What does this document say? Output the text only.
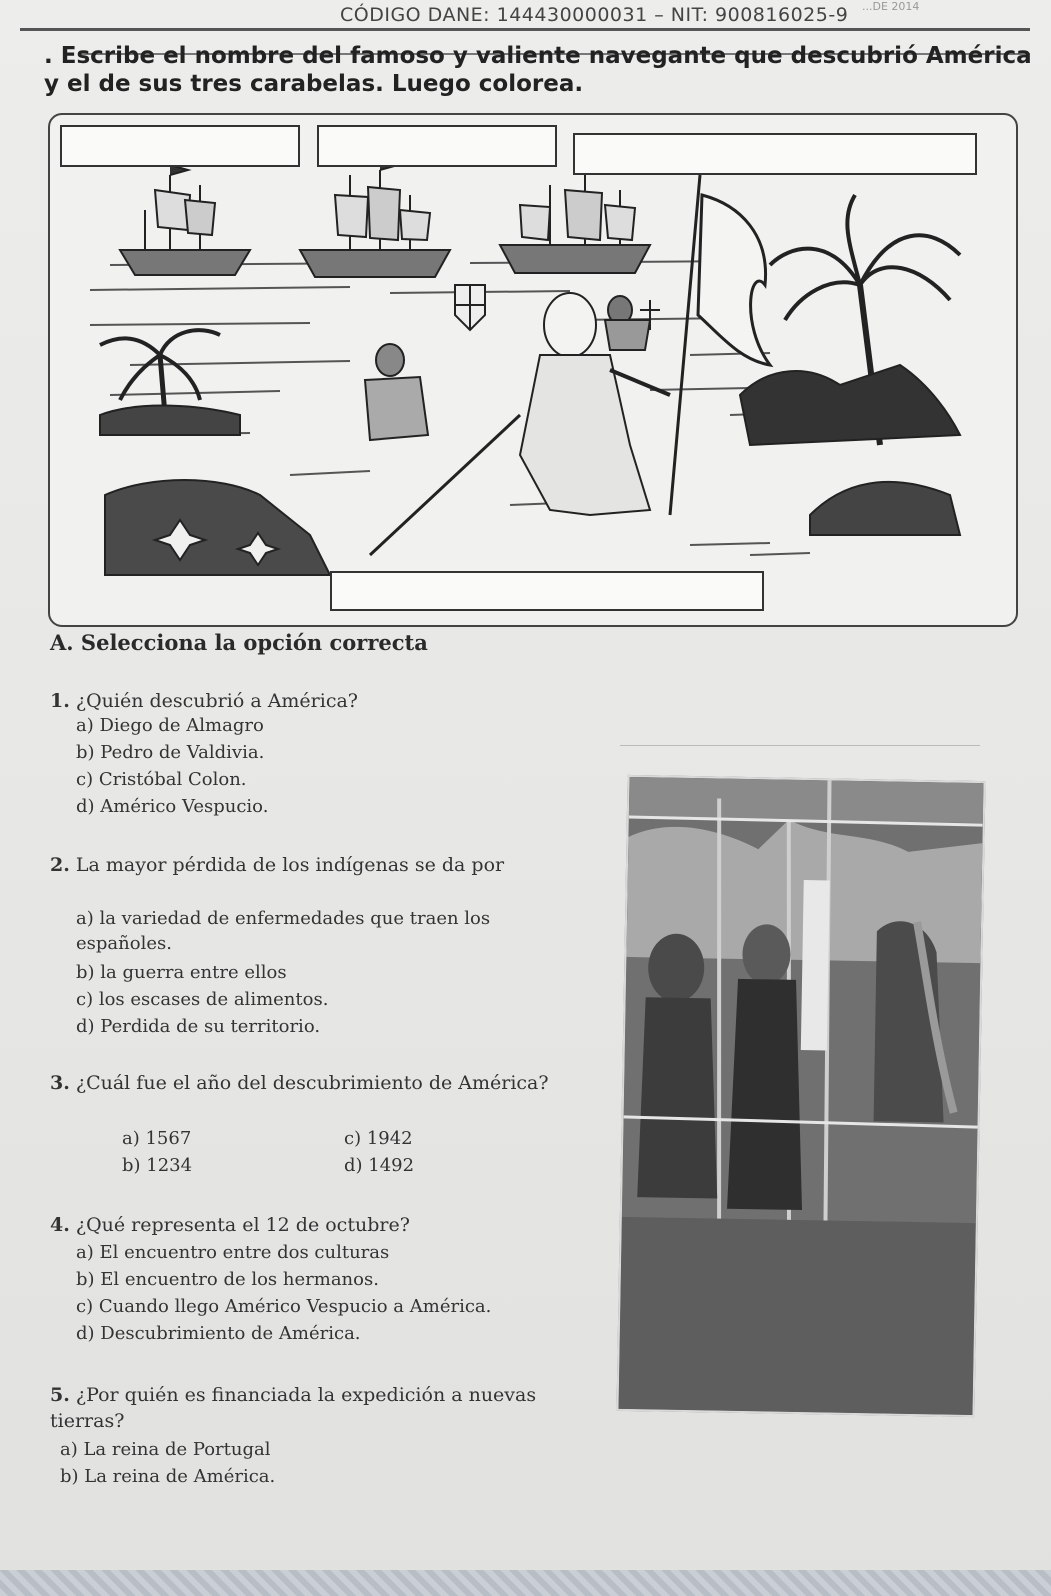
CÓDIGO DANE: 144430000031 – NIT: 900816025-9 ...DE 2014
. Escribe el nombre del famoso y valiente navegante que descubrió América y el de sus tres carabelas. Luego colorea.
A. Selecciona la opción correcta
1. ¿Quién descubrió a América?
a) Diego de Almagro
b) Pedro de Valdivia.
c) Cristóbal Colon.
d) Américo Vespucio.
2. La mayor pérdida de los indígenas se da por
a) la variedad de enfermedades que traen los españoles.
b) la guerra entre ellos
c) los escases de alimentos.
d) Perdida de su territorio.
3. ¿Cuál fue el año del descubrimiento de América?
a) 1567
b) 1234
c) 1942
d) 1492
4. ¿Qué representa el 12 de octubre?
a) El encuentro entre dos culturas
b) El encuentro de los hermanos.
c) Cuando llego Américo Vespucio a América.
d) Descubrimiento de América.
5. ¿Por quién es financiada la expedición a nuevas tierras?
a) La reina de Portugal
b) La reina de América.
